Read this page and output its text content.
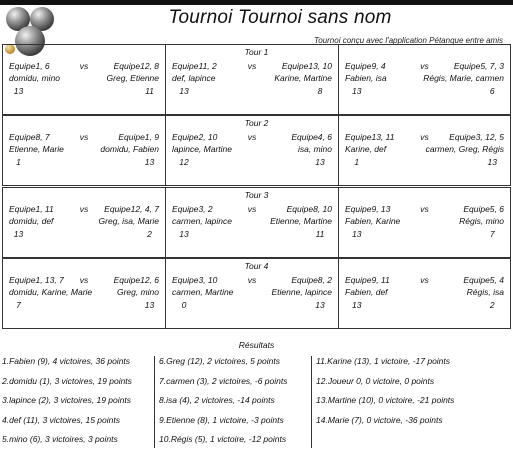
Tournoi Tournoi sans nom
Tournoi conçu avec l'application Pétanque entre amis
Tour 1
Equipe1, 6	vs	Equipe12, 8
domidu, mino	Greg, Etienne
13	11
Equipe11, 2	vs	Equipe13, 10
def, lapince	Karine, Martine
13	8
Equipe9, 4	vs	Equipe5, 7, 3
Fabien, isa	Régis, Marie, carmen
13	6
Tour 2
Equipe8, 7	vs	Equipe1, 9
Etienne, Marie	domidu, Fabien
1	13
Equipe2, 10	vs	Equipe4, 6
lapince, Martine	isa, mino
12	13
Equipe13, 11	vs	Equipe3, 12, 5
Karine, def	carmen, Greg, Régis
1	13
Tour 3
Equipe1, 11	vs	Equipe12, 4, 7
domidu, def	Greg, isa, Marie
13	2
Equipe3, 2	vs	Equipe8, 10
carmen, lapince	Etienne, Martine
13	11
Equipe9, 13	vs	Equipe5, 6
Fabien, Karine	Régis, mino
13	7
Tour 4
Equipe1, 13, 7	vs	Equipe12, 6
domidu, Karine, Marie	Greg, mino
7	13
Equipe3, 10	vs	Equipe8, 2
carmen, Martine	Etienne, lapince
0	13
Equipe9, 11	vs	Equipe5, 4
Fabien, def	Régis, isa
13	2
Résultats
1.Fabien (9), 4 victoires, 36 points
2.domidu (1), 3 victoires, 19 points
3.lapince (2), 3 victoires, 19 points
4.def (11), 3 victoires, 15 points
5.mino (6), 3 victoires, 3 points
6.Greg (12), 2 victoires, 5 points
7.carmen (3), 2 victoires, -6 points
8.isa (4), 2 victoires, -14 points
9.Etienne (8), 1 victoire, -3 points
10.Régis (5), 1 victoire, -12 points
11.Karine (13), 1 victoire, -17 points
12.Joueur 0, 0 victoire, 0 points
13.Martine (10), 0 victoire, -21 points
14.Marie (7), 0 victoire, -36 points
